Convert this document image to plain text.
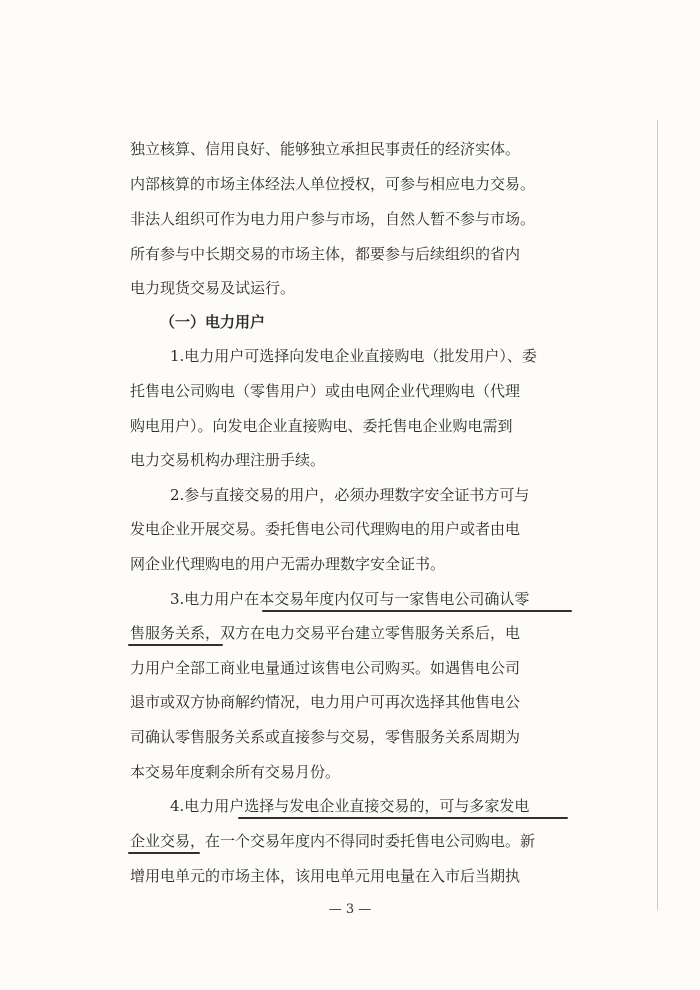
独立核算、信用良好、能够独立承担民事责任的经济实体。
内部核算的市场主体经法人单位授权，可参与相应电力交易。
非法人组织可作为电力用户参与市场，自然人暂不参与市场。
所有参与中长期交易的市场主体，都要参与后续组织的省内
电力现货交易及试运行。
（一）电力用户
1.电力用户可选择向发电企业直接购电（批发用户）、委
托售电公司购电（零售用户）或由电网企业代理购电（代理
购电用户）。向发电企业直接购电、委托售电企业购电需到
电力交易机构办理注册手续。
2.参与直接交易的用户，必须办理数字安全证书方可与
发电企业开展交易。委托售电公司代理购电的用户或者由电
网企业代理购电的用户无需办理数字安全证书。
3.电力用户在本交易年度内仅可与一家售电公司确认零
售服务关系，双方在电力交易平台建立零售服务关系后，电
力用户全部工商业电量通过该售电公司购买。如遇售电公司
退市或双方协商解约情况，电力用户可再次选择其他售电公
司确认零售服务关系或直接参与交易，零售服务关系周期为
本交易年度剩余所有交易月份。
4.电力用户选择与发电企业直接交易的，可与多家发电
企业交易，在一个交易年度内不得同时委托售电公司购电。新
增用电单元的市场主体，该用电单元用电量在入市后当期执
— 3 —
